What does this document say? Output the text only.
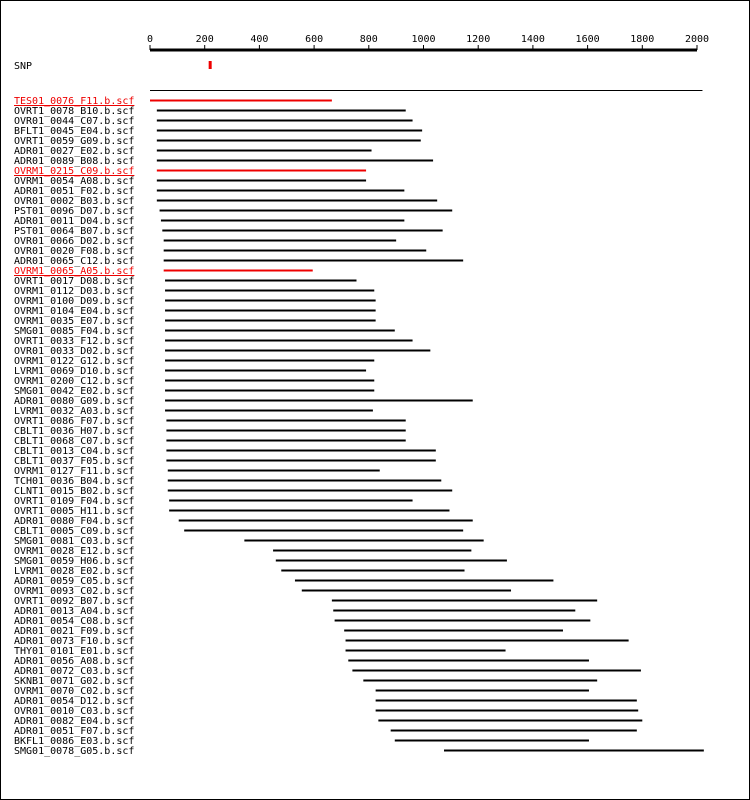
0	200	400	600	800	1000	1200	1400	1600	1800	2000
SNP
TES01_0076_F11.b.scf
OVRT1_0078_B10.b.scf
OVR01_0044_C07.b.scf
BFLT1_0045_E04.b.scf
OVRT1_0059_G09.b.scf
ADR01_0027_E02.b.scf
ADR01_0089_B08.b.scf
OVRM1_0215_C09.b.scf
OVRM1_0054_A08.b.scf
ADR01_0051_F02.b.scf
OVR01_0002_B03.b.scf
PST01_0096_D07.b.scf
ADR01_0011_D04.b.scf
PST01_0064_B07.b.scf
OVR01_0066_D02.b.scf
OVR01_0020_F08.b.scf
ADR01_0065_C12.b.scf
OVRM1_0065_A05.b.scf
OVRT1_0017_D08.b.scf
OVRM1_0112_D03.b.scf
OVRM1_0100_D09.b.scf
OVRM1_0104_E04.b.scf
OVRM1_0035_E07.b.scf
SMG01_0085_F04.b.scf
OVRT1_0033_F12.b.scf
OVR01_0033_D02.b.scf
OVRM1_0122_G12.b.scf
LVRM1_0069_D10.b.scf
OVRM1_0200_C12.b.scf
SMG01_0042_E02.b.scf
ADR01_0080_G09.b.scf
LVRM1_0032_A03.b.scf
OVRT1_0086_F07.b.scf
CBLT1_0036_H07.b.scf
CBLT1_0068_C07.b.scf
CBLT1_0013_C04.b.scf
CBLT1_0037_F05.b.scf
OVRM1_0127_F11.b.scf
TCH01_0036_B04.b.scf
CLNT1_0015_B02.b.scf
OVRT1_0109_F04.b.scf
OVRT1_0005_H11.b.scf
ADR01_0080_F04.b.scf
CBLT1_0005_C09.b.scf
SMG01_0081_C03.b.scf
OVRM1_0028_E12.b.scf
SMG01_0059_H06.b.scf
LVRM1_0028_E02.b.scf
ADR01_0059_C05.b.scf
OVRM1_0093_C02.b.scf
OVRT1_0092_B07.b.scf
ADR01_0013_A04.b.scf
ADR01_0054_C08.b.scf
ADR01_0021_F09.b.scf
ADR01_0073_F10.b.scf
THY01_0101_E01.b.scf
ADR01_0056_A08.b.scf
ADR01_0072_C03.b.scf
SKNB1_0071_G02.b.scf
OVRM1_0070_C02.b.scf
ADR01_0054_D12.b.scf
OVR01_0010_C03.b.scf
ADR01_0082_E04.b.scf
ADR01_0051_F07.b.scf
BKFL1_0086_E03.b.scf
SMG01_0078_G05.b.scf
